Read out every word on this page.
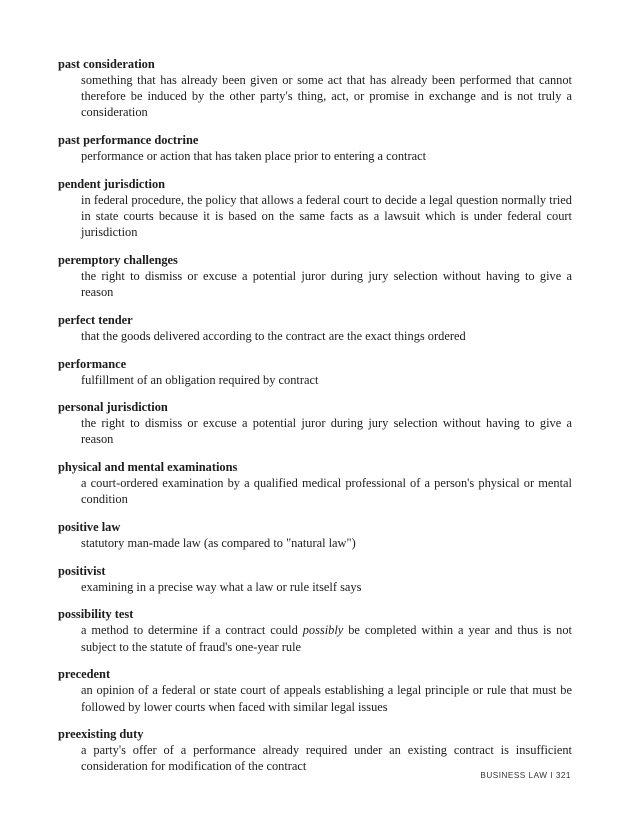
past consideration

something that has already been given or some act that has already been performed that cannot therefore be induced by the other party's thing, act, or promise in exchange and is not truly a consideration

past performance doctrine

performance or action that has taken place prior to entering a contract

pendent jurisdiction

in federal procedure, the policy that allows a federal court to decide a legal question normally tried in state courts because it is based on the same facts as a lawsuit which is under federal court jurisdiction

peremptory challenges

the right to dismiss or excuse a potential juror during jury selection without having to give a reason

perfect tender

that the goods delivered according to the contract are the exact things ordered

performance

fulfillment of an obligation required by contract

personal jurisdiction

the right to dismiss or excuse a potential juror during jury selection without having to give a reason

physical and mental examinations

a court-ordered examination by a qualified medical professional of a person's physical or mental condition

positive law

statutory man-made law (as compared to "natural law")

positivist

examining in a precise way what a law or rule itself says

possibility test

a method to determine if a contract could possibly be completed within a year and thus is not subject to the statute of fraud's one-year rule

precedent

an opinion of a federal or state court of appeals establishing a legal principle or rule that must be followed by lower courts when faced with similar legal issues

preexisting duty

a party's offer of a performance already required under an existing contract is insufficient consideration for modification of the contract

BUSINESS LAW I 321
